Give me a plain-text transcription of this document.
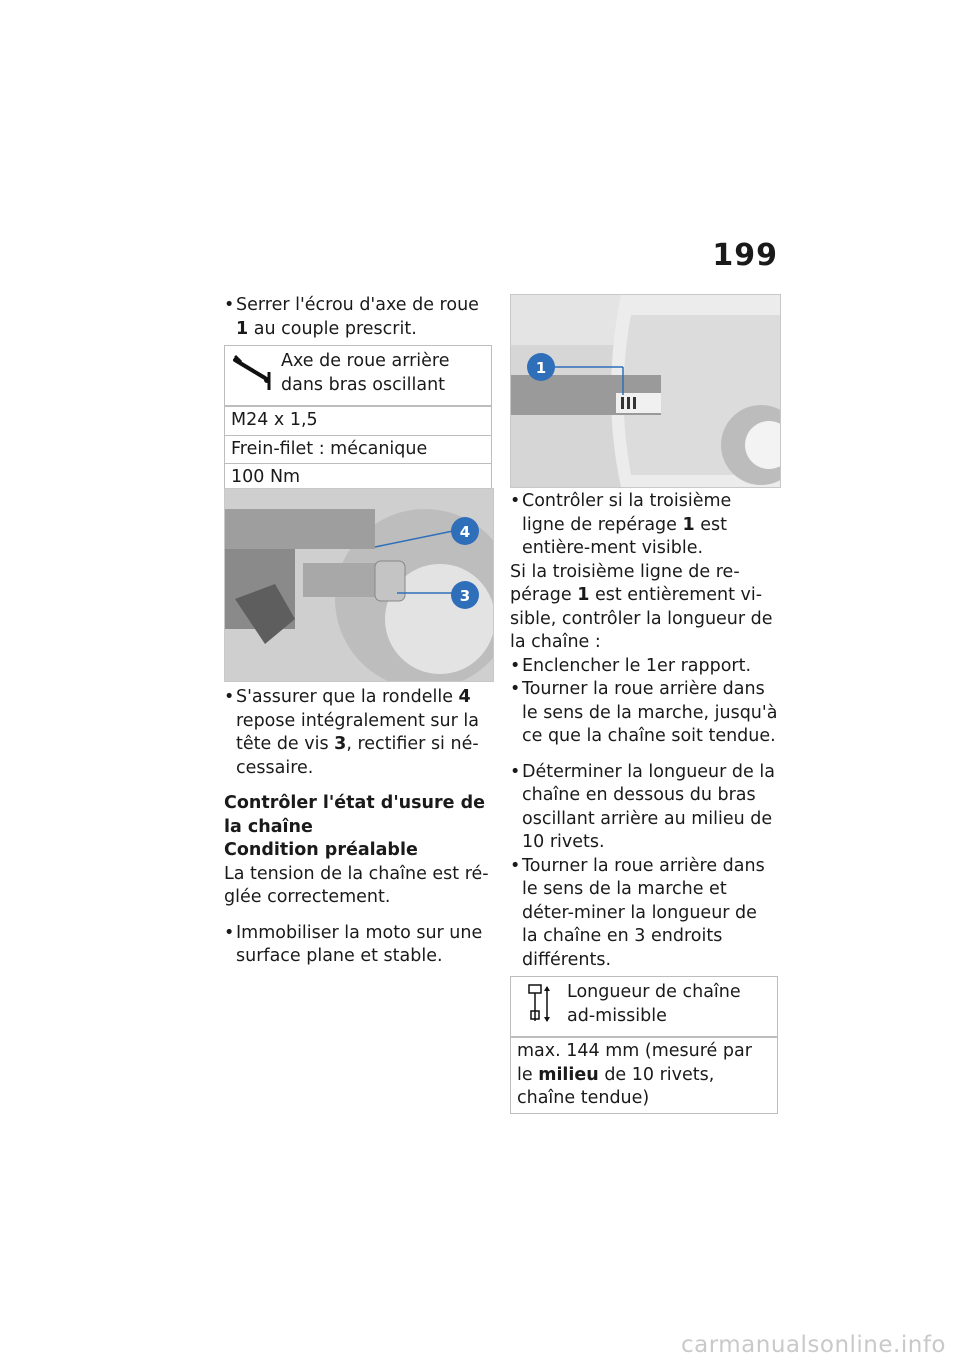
199
• Serrer l'écrou d'axe de roue 1 au couple prescrit.
Axe de roue arrière dans bras oscillant
M24 x 1,5
Frein-filet : mécanique
100 Nm
• S'assurer que la rondelle 4 repose intégralement sur la tête de vis 3, rectifier si né-cessaire.
Contrôler l'état d'usure de la chaîne
Condition préalable
La tension de la chaîne est ré-glée correctement.
• Immobiliser la moto sur une surface plane et stable.
4
3
1
• Contrôler si la troisième ligne de repérage 1 est entière-ment visible.
Si la troisième ligne de re-pérage 1 est entièrement vi-sible, contrôler la longueur de la chaîne :
• Enclencher le 1er rapport.
• Tourner la roue arrière dans le sens de la marche, jusqu'à ce que la chaîne soit tendue.
• Déterminer la longueur de la chaîne en dessous du bras oscillant arrière au milieu de 10 rivets.
• Tourner la roue arrière dans le sens de la marche et déter-miner la longueur de la chaîne en 3 endroits différents.
Longueur de chaîne ad-missible
max. 144 mm (mesuré par le milieu de 10 rivets, chaîne tendue)
carmanualsonline.info
